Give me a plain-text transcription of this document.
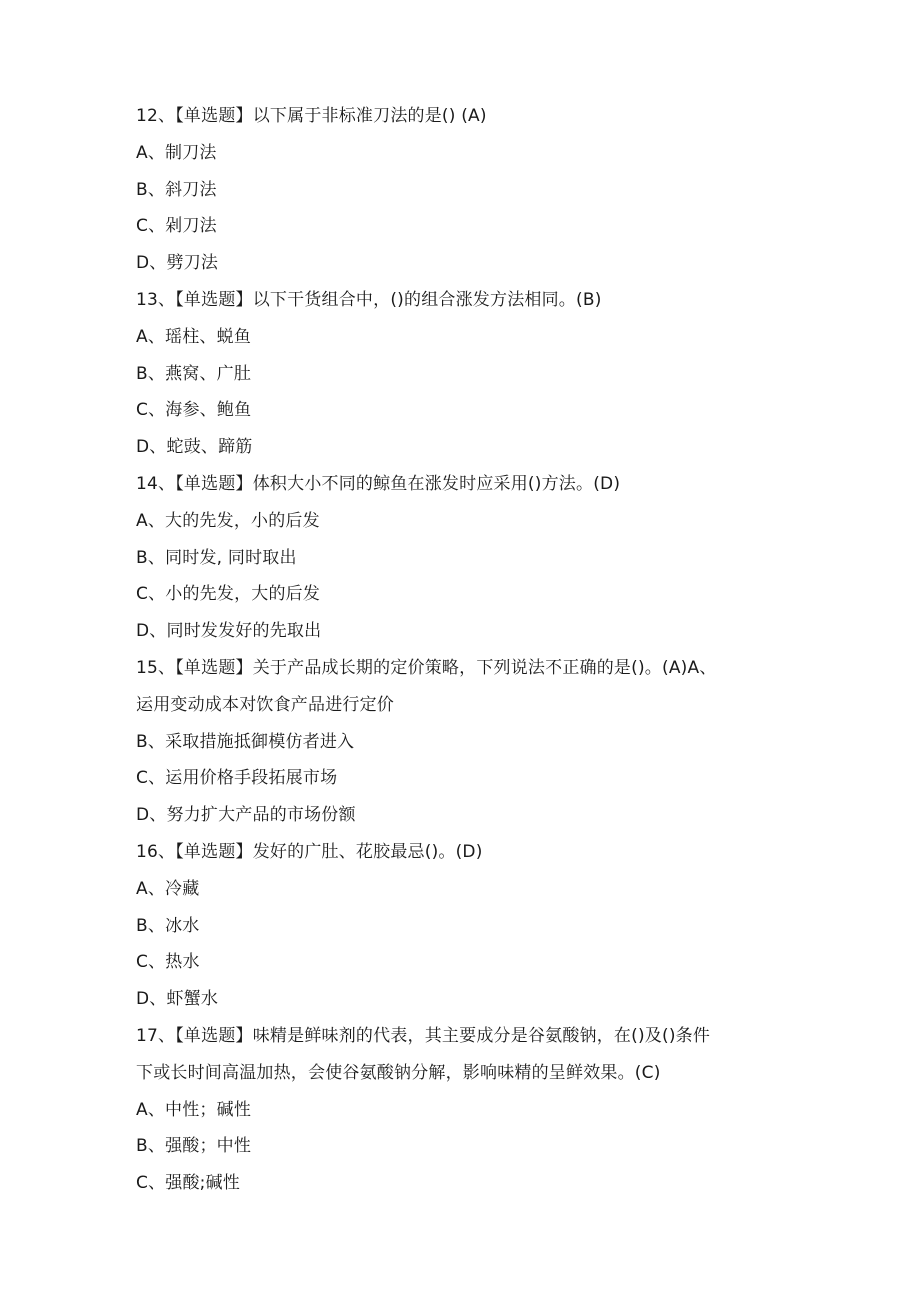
12、【单选题】以下属于非标准刀法的是() (A)
A、制刀法
B、斜刀法
C、剁刀法
D、劈刀法
13、【单选题】以下干货组合中，()的组合涨发方法相同。(B)
A、瑶柱、蜕鱼
B、燕窝、广肚
C、海参、鲍鱼
D、蛇豉、蹄筋
14、【单选题】体积大小不同的鲸鱼在涨发时应采用()方法。(D)
A、大的先发，小的后发
B、同时发, 同时取出
C、小的先发，大的后发
D、同时发发好的先取出
15、【单选题】关于产品成长期的定价策略，下列说法不正确的是()。(A)A、
运用变动成本对饮食产品进行定价
B、采取措施抵御模仿者进入
C、运用价格手段拓展市场
D、努力扩大产品的市场份额
16、【单选题】发好的广肚、花胶最忌()。(D)
A、冷藏
B、冰水
C、热水
D、虾蟹水
17、【单选题】味精是鲜味剂的代表，其主要成分是谷氨酸钠，在()及()条件
下或长时间高温加热，会使谷氨酸钠分解，影响味精的呈鲜效果。(C)
A、中性；碱性
B、强酸；中性
C、强酸;碱性
